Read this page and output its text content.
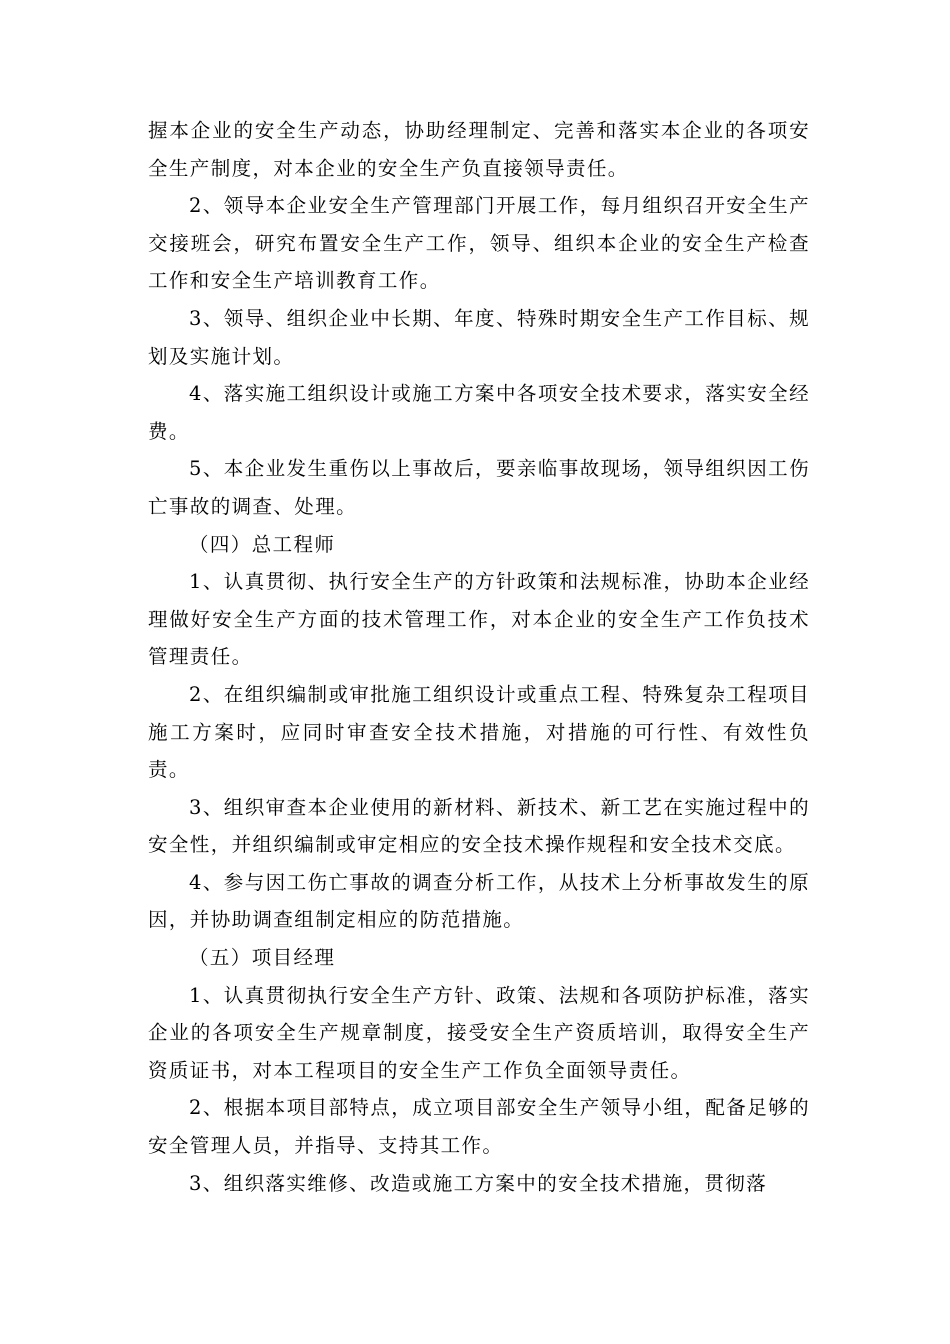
握本企业的安全生产动态，协助经理制定、完善和落实本企业的各项安全生产制度，对本企业的安全生产负直接领导责任。

2、领导本企业安全生产管理部门开展工作，每月组织召开安全生产交接班会，研究布置安全生产工作，领导、组织本企业的安全生产检查工作和安全生产培训教育工作。

3、领导、组织企业中长期、年度、特殊时期安全生产工作目标、规划及实施计划。

4、落实施工组织设计或施工方案中各项安全技术要求，落实安全经费。

5、本企业发生重伤以上事故后，要亲临事故现场，领导组织因工伤亡事故的调查、处理。

（四）总工程师

1、认真贯彻、执行安全生产的方针政策和法规标准，协助本企业经理做好安全生产方面的技术管理工作，对本企业的安全生产工作负技术管理责任。

2、在组织编制或审批施工组织设计或重点工程、特殊复杂工程项目施工方案时，应同时审查安全技术措施，对措施的可行性、有效性负责。

3、组织审查本企业使用的新材料、新技术、新工艺在实施过程中的安全性，并组织编制或审定相应的安全技术操作规程和安全技术交底。

4、参与因工伤亡事故的调查分析工作，从技术上分析事故发生的原因，并协助调查组制定相应的防范措施。

（五）项目经理

1、认真贯彻执行安全生产方针、政策、法规和各项防护标准，落实企业的各项安全生产规章制度，接受安全生产资质培训，取得安全生产资质证书，对本工程项目的安全生产工作负全面领导责任。

2、根据本项目部特点，成立项目部安全生产领导小组，配备足够的安全管理人员，并指导、支持其工作。

3、组织落实维修、改造或施工方案中的安全技术措施，贯彻落
